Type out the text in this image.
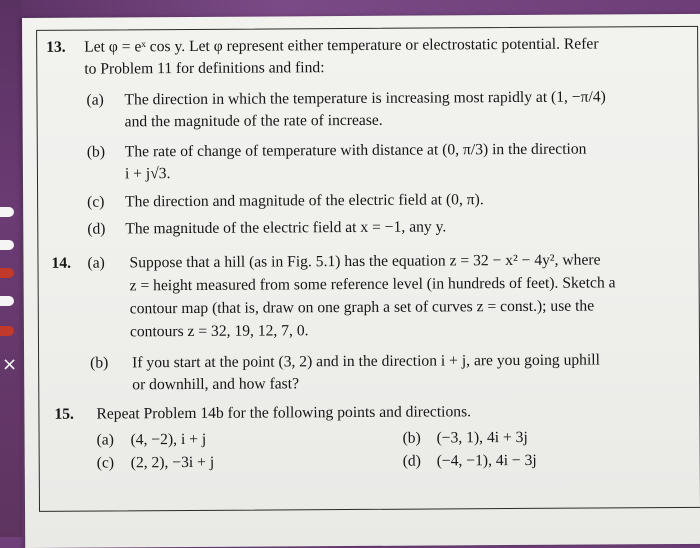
13. Let φ = eˣ cos y. Let φ represent either temperature or electrostatic potential. Refer
to Problem 11 for definitions and find:
(a) The direction in which the temperature is increasing most rapidly at (1, −π/4)
and the magnitude of the rate of increase.
(b) The rate of change of temperature with distance at (0, π/3) in the direction
i + j√3.
(c) The direction and magnitude of the electric field at (0, π).
(d) The magnitude of the electric field at x = −1, any y.
14. (a) Suppose that a hill (as in Fig. 5.1) has the equation z = 32 − x² − 4y², where
z = height measured from some reference level (in hundreds of feet). Sketch a
contour map (that is, draw on one graph a set of curves z = const.); use the
contours z = 32, 19, 12, 7, 0.
(b) If you start at the point (3, 2) and in the direction i + j, are you going uphill
or downhill, and how fast?
15. Repeat Problem 14b for the following points and directions.
(a) (4, −2), i + j	(b) (−3, 1), 4i + 3j
(c) (2, 2), −3i + j	(d) (−4, −1), 4i − 3j
×
